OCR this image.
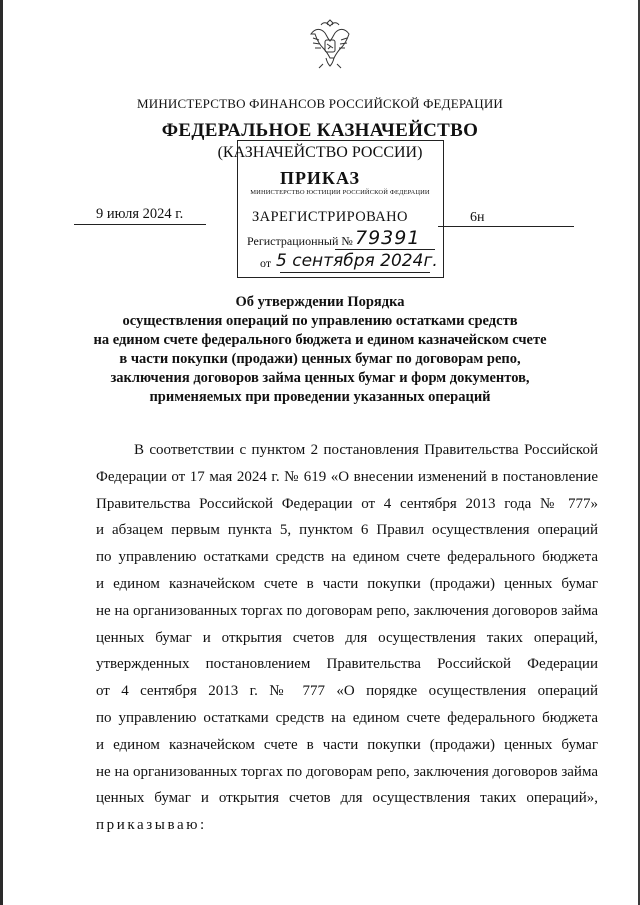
МИНИСТЕРСТВО ФИНАНСОВ РОССИЙСКОЙ ФЕДЕРАЦИИ
ФЕДЕРАЛЬНОЕ КАЗНАЧЕЙСТВО
(КАЗНАЧЕЙСТВО РОССИИ)
ПРИКАЗ
МИНИСТЕРСТВО ЮСТИЦИИ РОССИЙСКОЙ ФЕДЕРАЦИИ
ЗАРЕГИСТРИРОВАНО
Регистрационный № 79391
от 5 сентября 2024г.
9 июля 2024 г.	6н
Об утверждении Порядка
осуществления операций по управлению остатками средств
на едином счете федерального бюджета и едином казначейском счете
в части покупки (продажи) ценных бумаг по договорам репо,
заключения договоров займа ценных бумаг и форм документов,
применяемых при проведении указанных операций
В соответствии с пунктом 2 постановления Правительства Российской
Федерации от 17 мая 2024 г. № 619 «О внесении изменений в постановление
Правительства Российской Федерации от 4 сентября 2013 года № 777»
и абзацем первым пункта 5, пунктом 6 Правил осуществления операций
по управлению остатками средств на едином счете федерального бюджета
и едином казначейском счете в части покупки (продажи) ценных бумаг
не на организованных торгах по договорам репо, заключения договоров займа
ценных бумаг и открытия счетов для осуществления таких операций,
утвержденных постановлением Правительства Российской Федерации
от 4 сентября 2013 г. № 777 «О порядке осуществления операций
по управлению остатками средств на едином счете федерального бюджета
и едином казначейском счете в части покупки (продажи) ценных бумаг
не на организованных торгах по договорам репо, заключения договоров займа
ценных бумаг и открытия счетов для осуществления таких операций»,
приказываю:
